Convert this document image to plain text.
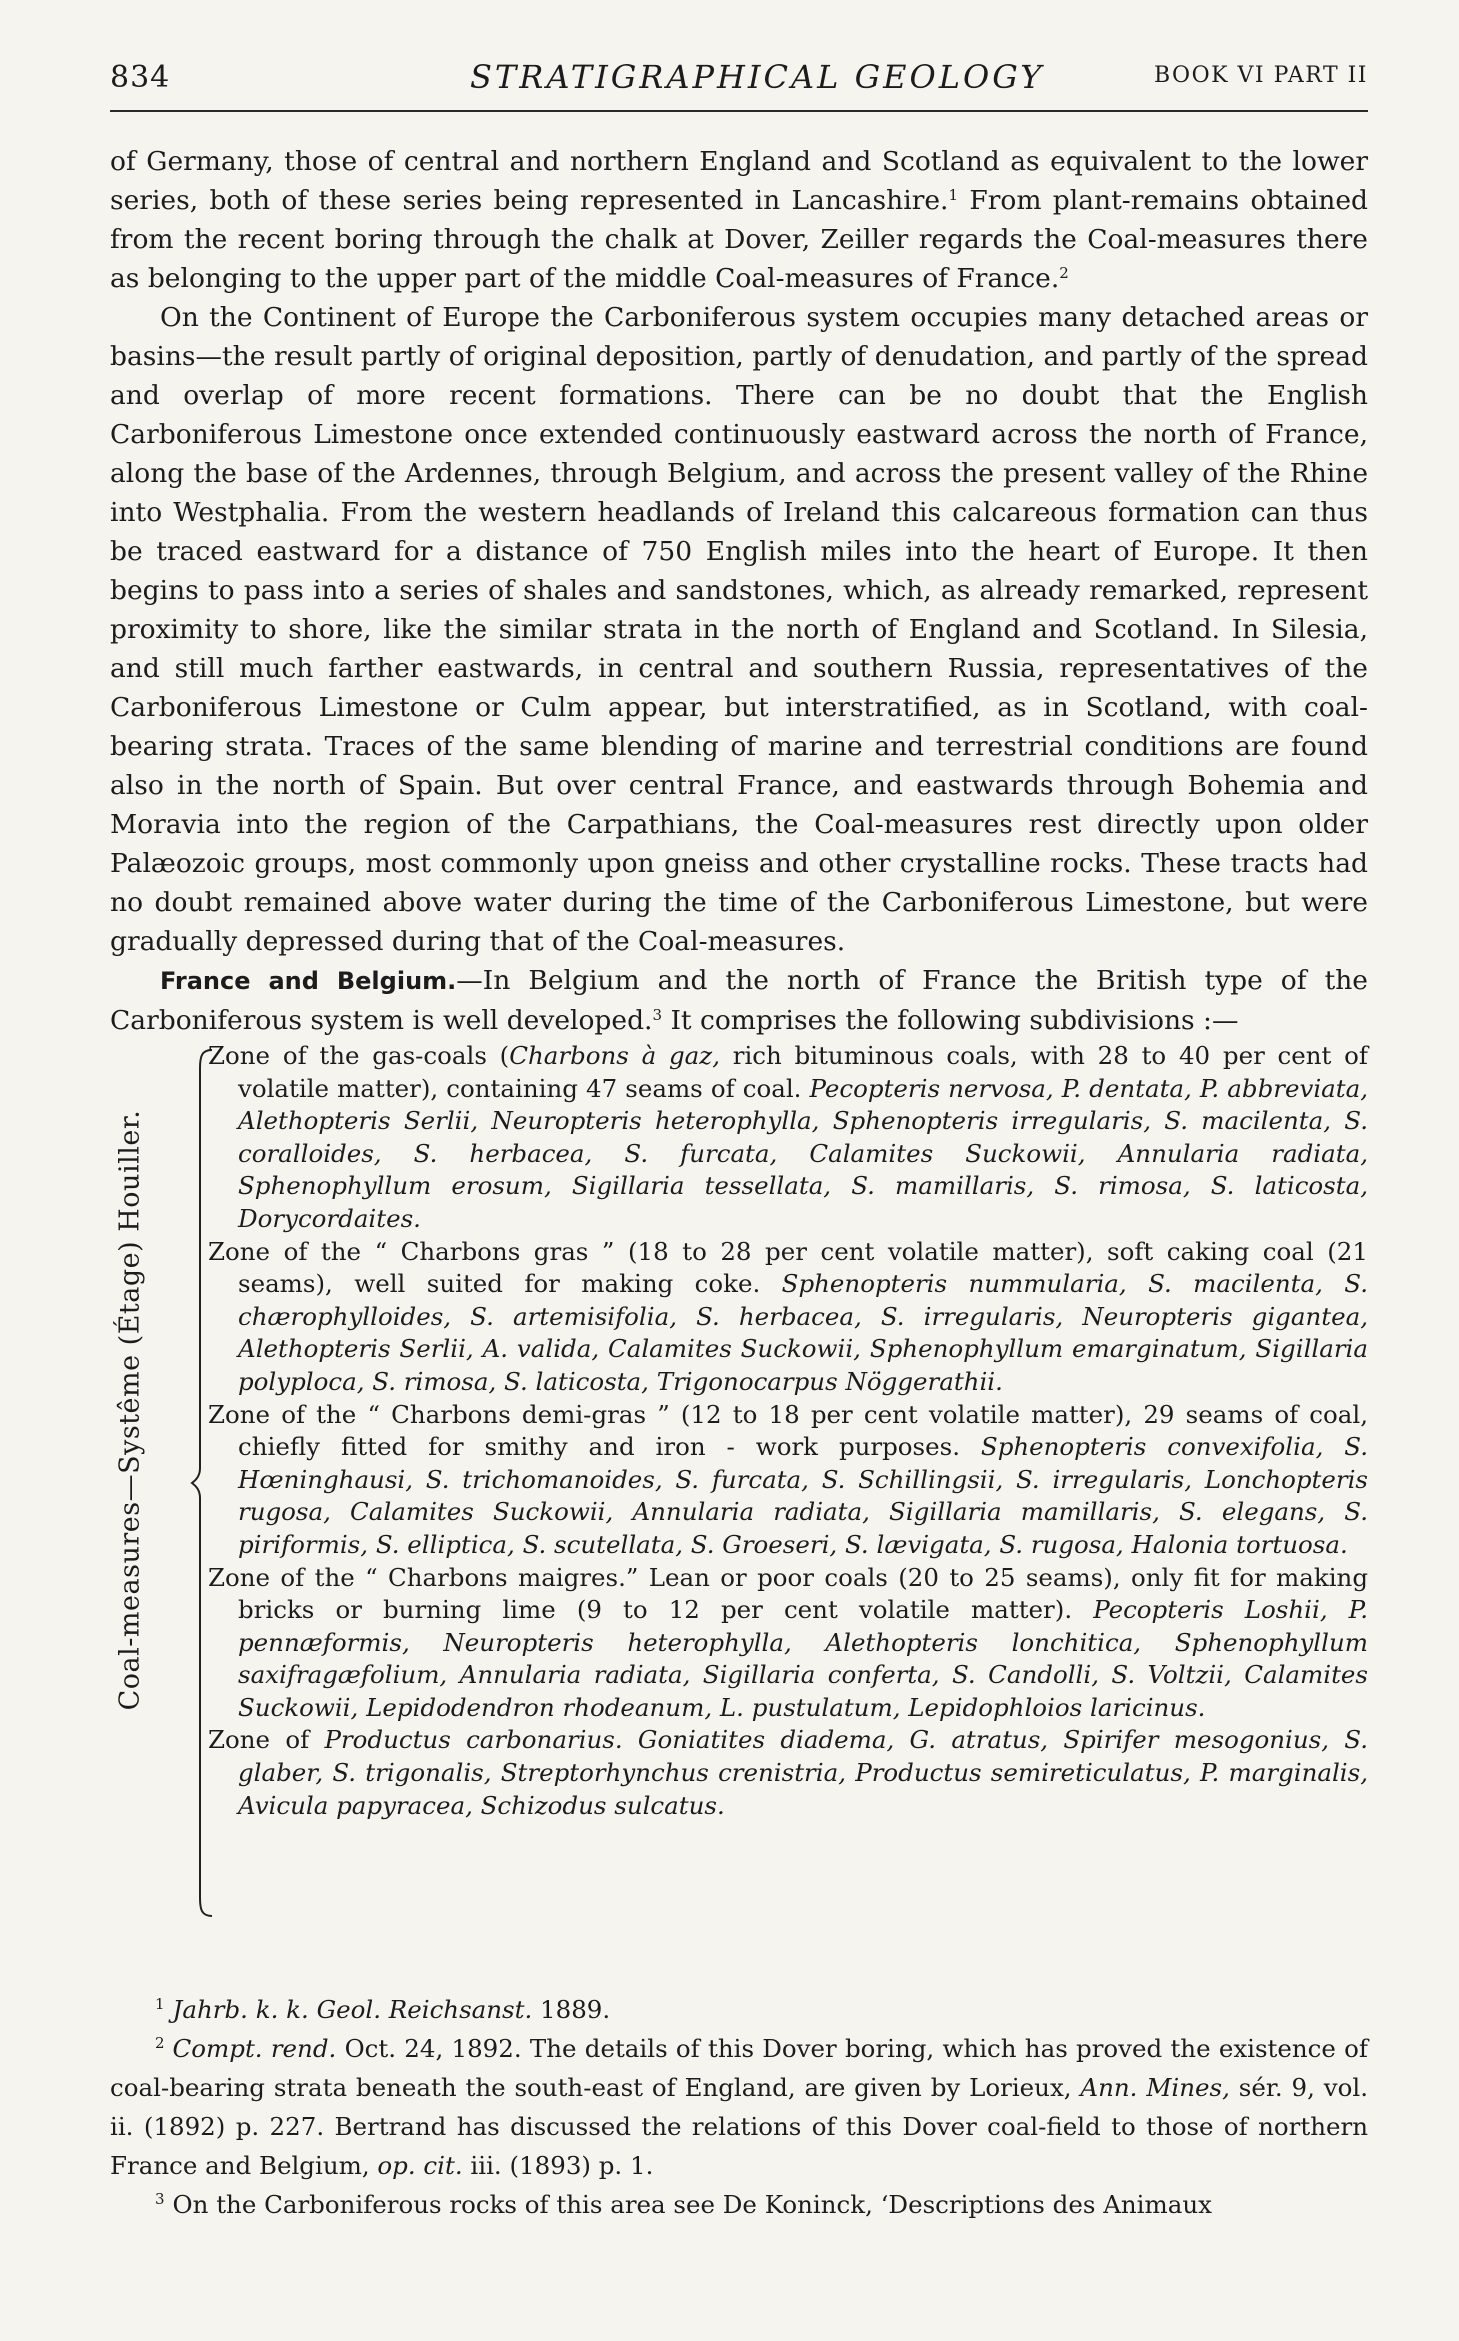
834	STRATIGRAPHICAL GEOLOGY	BOOK VI PART II

of Germany, those of central and northern England and Scotland as equivalent to the lower series, both of these series being represented in Lancashire.$^1$ From plant-remains obtained from the recent boring through the chalk at Dover, Zeiller regards the Coal-measures there as belonging to the upper part of the middle Coal-measures of France.$^2$

On the Continent of Europe the Carboniferous system occupies many detached areas or basins—the result partly of original deposition, partly of denudation, and partly of the spread and overlap of more recent formations. There can be no doubt that the English Carboniferous Limestone once extended continuously eastward across the north of France, along the base of the Ardennes, through Belgium, and across the present valley of the Rhine into Westphalia. From the western headlands of Ireland this calcareous formation can thus be traced eastward for a distance of 750 English miles into the heart of Europe. It then begins to pass into a series of shales and sandstones, which, as already remarked, represent proximity to shore, like the similar strata in the north of England and Scotland. In Silesia, and still much farther eastwards, in central and southern Russia, representatives of the Carboniferous Limestone or Culm appear, but interstratified, as in Scotland, with coal-bearing strata. Traces of the same blending of marine and terrestrial conditions are found also in the north of Spain. But over central France, and eastwards through Bohemia and Moravia into the region of the Carpathians, the Coal-measures rest directly upon older Palæozoic groups, most commonly upon gneiss and other crystalline rocks. These tracts had no doubt remained above water during the time of the Carboniferous Limestone, but were gradually depressed during that of the Coal-measures.

France and Belgium.—In Belgium and the north of France the British type of the Carboniferous system is well developed.$^3$ It comprises the following subdivisions :—

Coal-measures—Systême (Étage) Houiller.
Zone of the gas-coals (Charbons à gaz, rich bituminous coals, with 28 to 40 per cent of volatile matter), containing 47 seams of coal. Pecopteris nervosa, P. dentata, P. abbreviata, Alethopteris Serlii, Neuropteris heterophylla, Sphenopteris irregularis, S. macilenta, S. coralloides, S. herbacea, S. furcata, Calamites Suckowii, Annularia radiata, Sphenophyllum erosum, Sigillaria tessellata, S. mamillaris, S. rimosa, S. laticosta, Dorycordaites.
Zone of the “ Charbons gras ” (18 to 28 per cent volatile matter), soft caking coal (21 seams), well suited for making coke. Sphenopteris nummularia, S. macilenta, S. chærophylloides, S. artemisifolia, S. herbacea, S. irregularis, Neuropteris gigantea, Alethopteris Serlii, A. valida, Calamites Suckowii, Sphenophyllum emarginatum, Sigillaria polyploca, S. rimosa, S. laticosta, Trigonocarpus Nöggerathii.
Zone of the “ Charbons demi-gras ” (12 to 18 per cent volatile matter), 29 seams of coal, chiefly fitted for smithy and iron - work purposes. Sphenopteris convexifolia, S. Hœninghausi, S. trichomanoides, S. furcata, S. Schillingsii, S. irregularis, Lonchopteris rugosa, Calamites Suckowii, Annularia radiata, Sigillaria mamillaris, S. elegans, S. piriformis, S. elliptica, S. scutellata, S. Groeseri, S. lævigata, S. rugosa, Halonia tortuosa.
Zone of the “ Charbons maigres.” Lean or poor coals (20 to 25 seams), only fit for making bricks or burning lime (9 to 12 per cent volatile matter). Pecopteris Loshii, P. pennæformis, Neuropteris heterophylla, Alethopteris lonchitica, Sphenophyllum saxifragæfolium, Annularia radiata, Sigillaria conferta, S. Candolli, S. Voltzii, Calamites Suckowii, Lepidodendron rhodeanum, L. pustulatum, Lepidophloios laricinus.
Zone of Productus carbonarius. Goniatites diadema, G. atratus, Spirifer mesogonius, S. glaber, S. trigonalis, Streptorhynchus crenistria, Productus semireticulatus, P. marginalis, Avicula papyracea, Schizodus sulcatus.

$^1$ Jahrb. k. k. Geol. Reichsanst. 1889.

$^2$ Compt. rend. Oct. 24, 1892. The details of this Dover boring, which has proved the existence of coal-bearing strata beneath the south-east of England, are given by Lorieux, Ann. Mines, sér. 9, vol. ii. (1892) p. 227. Bertrand has discussed the relations of this Dover coal-field to those of northern France and Belgium, op. cit. iii. (1893) p. 1.

$^3$ On the Carboniferous rocks of this area see De Koninck, ‘Descriptions des Animaux
